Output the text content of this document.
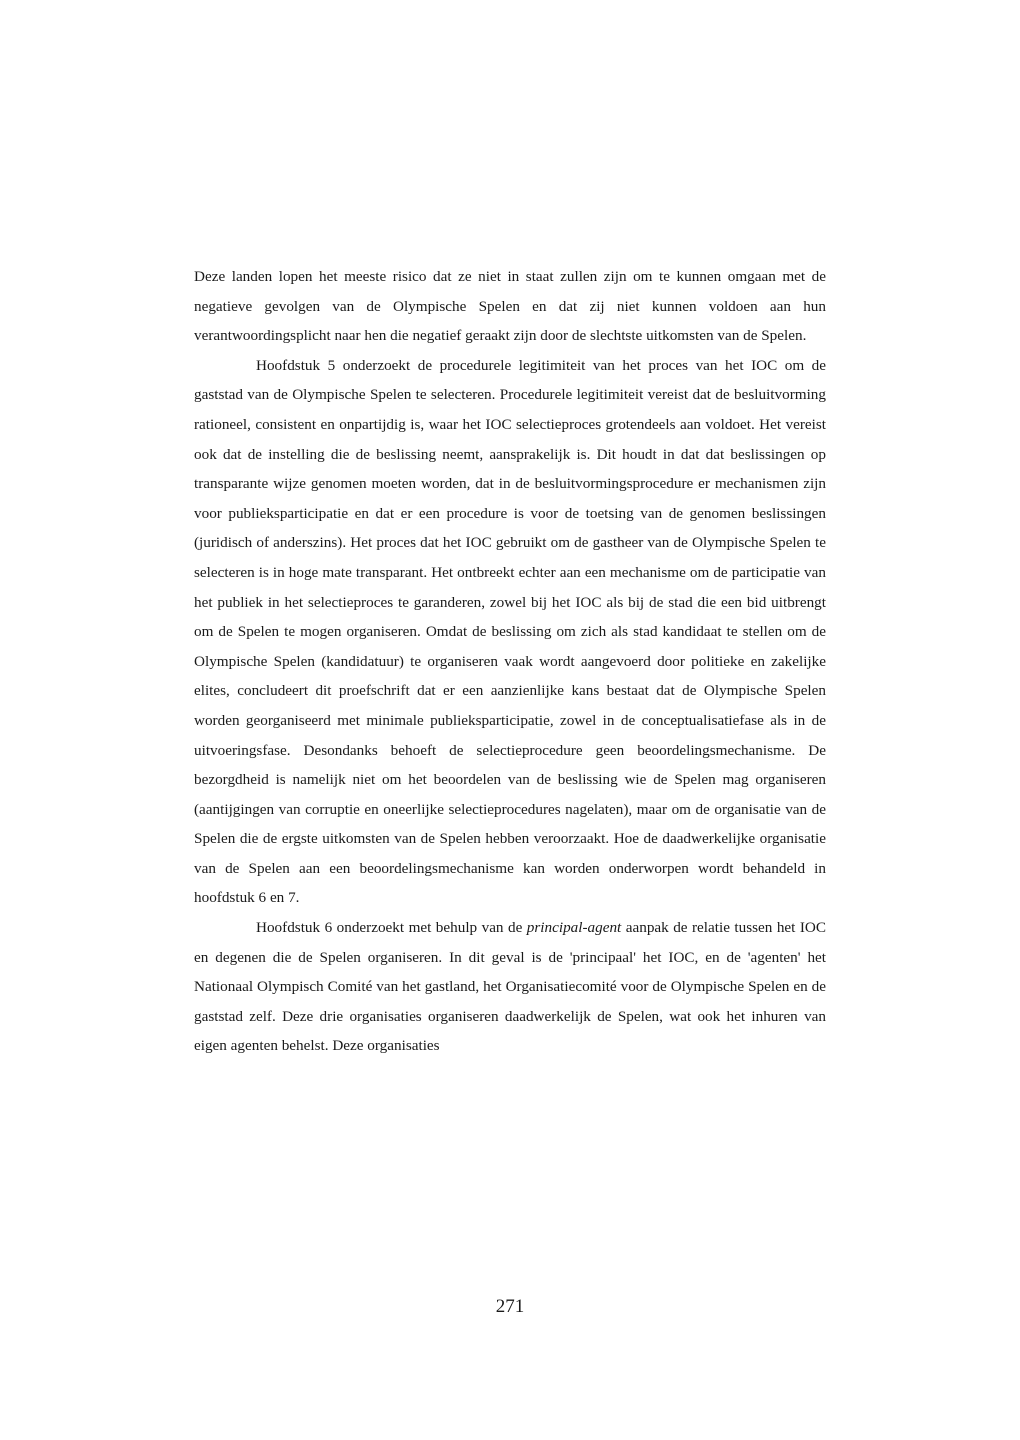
Deze landen lopen het meeste risico dat ze niet in staat zullen zijn om te kunnen omgaan met de negatieve gevolgen van de Olympische Spelen en dat zij niet kunnen voldoen aan hun verantwoordingsplicht naar hen die negatief geraakt zijn door de slechtste uitkomsten van de Spelen.

Hoofdstuk 5 onderzoekt de procedurele legitimiteit van het proces van het IOC om de gaststad van de Olympische Spelen te selecteren. Procedurele legitimiteit vereist dat de besluitvorming rationeel, consistent en onpartijdig is, waar het IOC selectieproces grotendeels aan voldoet. Het vereist ook dat de instelling die de beslissing neemt, aansprakelijk is. Dit houdt in dat dat beslissingen op transparante wijze genomen moeten worden, dat in de besluitvormingsprocedure er mechanismen zijn voor publieksparticipatie en dat er een procedure is voor de toetsing van de genomen beslissingen (juridisch of anderszins). Het proces dat het IOC gebruikt om de gastheer van de Olympische Spelen te selecteren is in hoge mate transparant. Het ontbreekt echter aan een mechanisme om de participatie van het publiek in het selectieproces te garanderen, zowel bij het IOC als bij de stad die een bid uitbrengt om de Spelen te mogen organiseren. Omdat de beslissing om zich als stad kandidaat te stellen om de Olympische Spelen (kandidatuur) te organiseren vaak wordt aangevoerd door politieke en zakelijke elites, concludeert dit proefschrift dat er een aanzienlijke kans bestaat dat de Olympische Spelen worden georganiseerd met minimale publieksparticipatie, zowel in de conceptualisatiefase als in de uitvoeringsfase. Desondanks behoeft de selectieprocedure geen beoordelingsmechanisme. De bezorgdheid is namelijk niet om het beoordelen van de beslissing wie de Spelen mag organiseren (aantijgingen van corruptie en oneerlijke selectieprocedures nagelaten), maar om de organisatie van de Spelen die de ergste uitkomsten van de Spelen hebben veroorzaakt. Hoe de daadwerkelijke organisatie van de Spelen aan een beoordelingsmechanisme kan worden onderworpen wordt behandeld in hoofdstuk 6 en 7.

Hoofdstuk 6 onderzoekt met behulp van de principal-agent aanpak de relatie tussen het IOC en degenen die de Spelen organiseren. In dit geval is de 'principaal' het IOC, en de 'agenten' het Nationaal Olympisch Comité van het gastland, het Organisatiecomité voor de Olympische Spelen en de gaststad zelf. Deze drie organisaties organiseren daadwerkelijk de Spelen, wat ook het inhuren van eigen agenten behelst. Deze organisaties

271
